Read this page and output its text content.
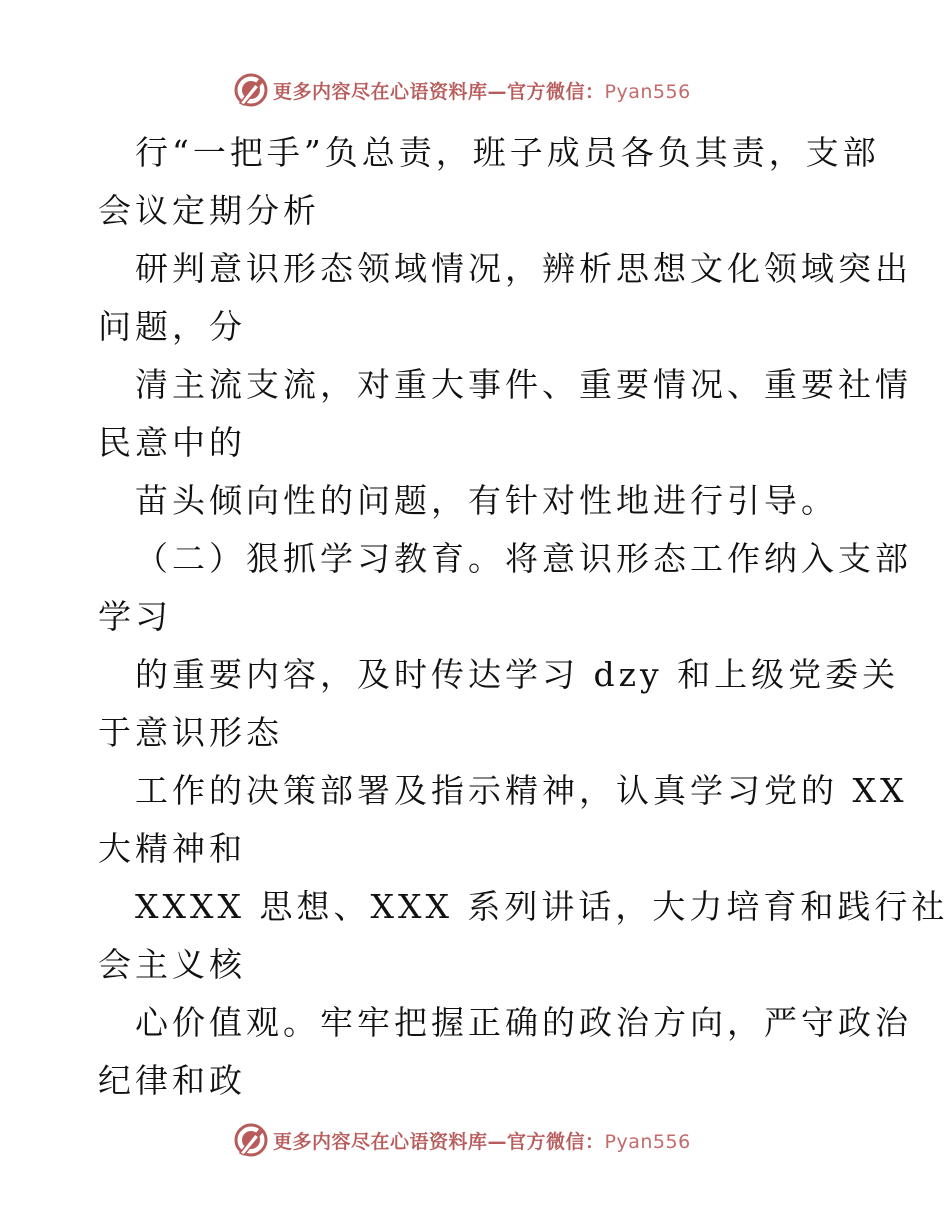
更多内容尽在心语资料库—官方微信：Pyan556
行“一把手”负总责，班子成员各负其责，支部
会议定期分析
研判意识形态领域情况，辨析思想文化领域突出
问题，分
清主流支流，对重大事件、重要情况、重要社情
民意中的
苗头倾向性的问题，有针对性地进行引导。
（二）狠抓学习教育。将意识形态工作纳入支部
学习
的重要内容，及时传达学习 dzy 和上级党委关
于意识形态
工作的决策部署及指示精神，认真学习党的 XX
大精神和
XXXX 思想、XXX 系列讲话，大力培育和践行社
会主义核
心价值观。牢牢把握正确的政治方向，严守政治
纪律和政
更多内容尽在心语资料库—官方微信：Pyan556
